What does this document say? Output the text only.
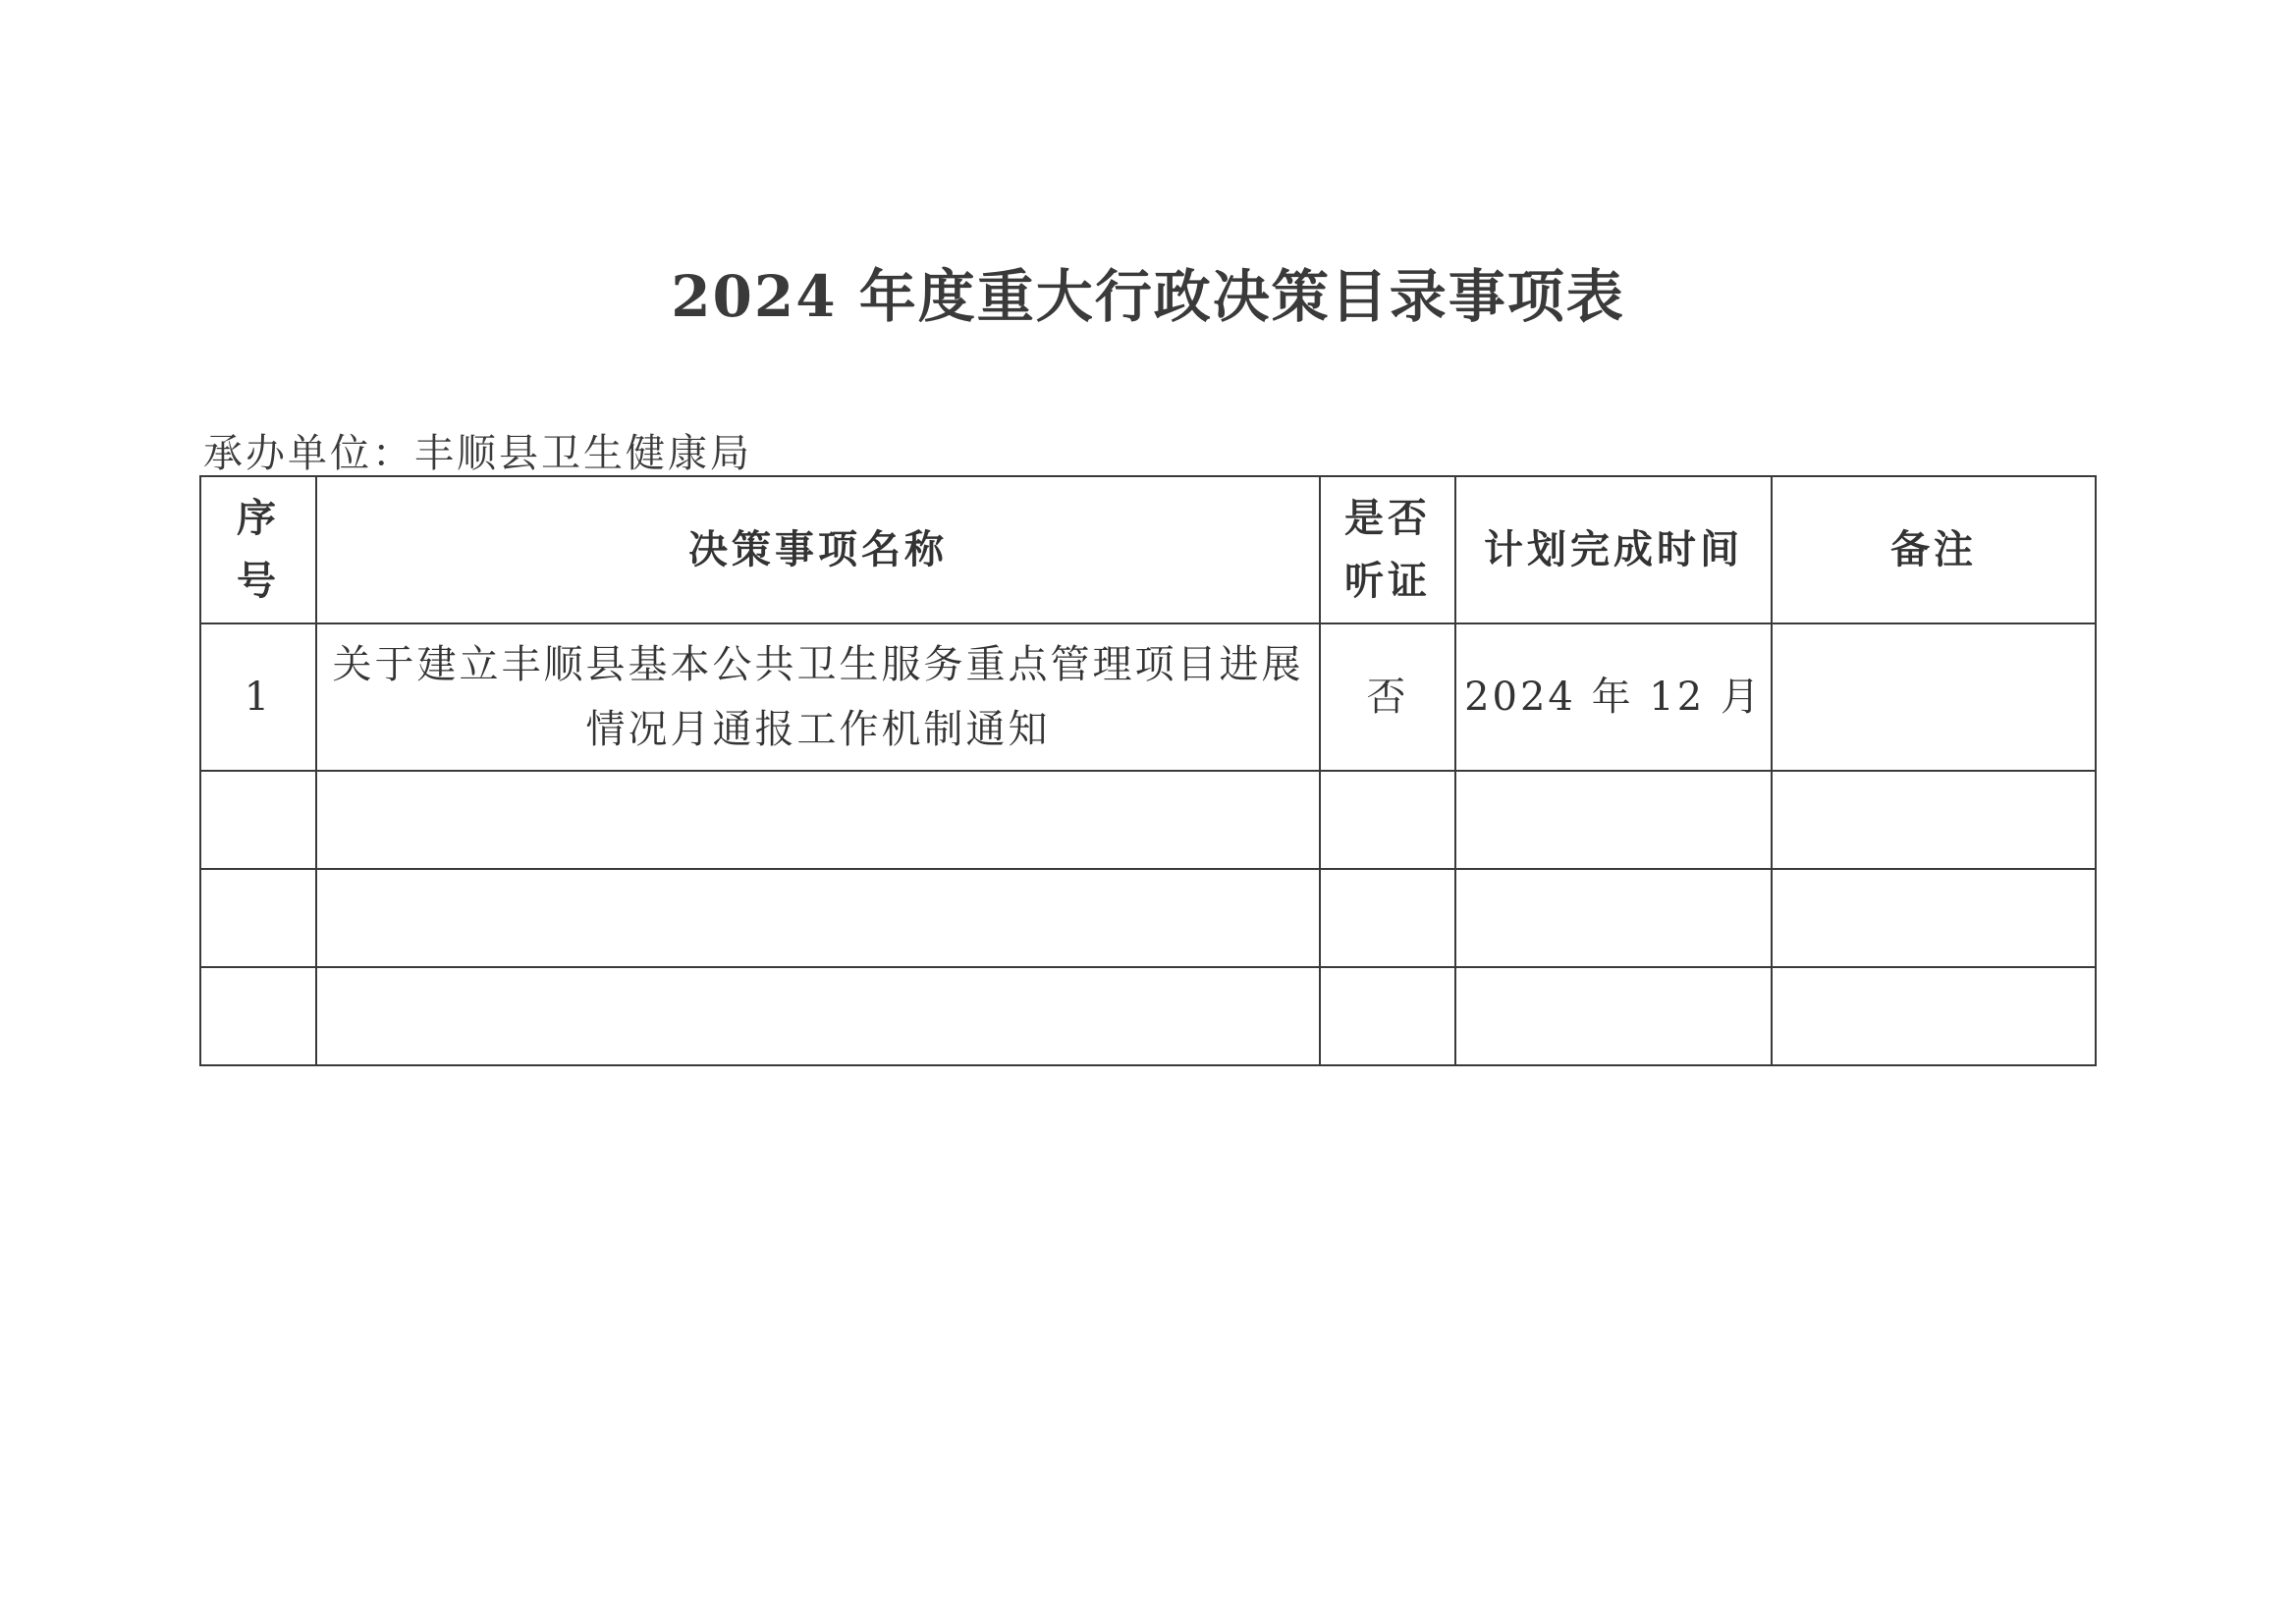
2024 年度重大行政决策目录事项表

承办单位：丰顺县卫生健康局

序号	决策事项名称	是否听证	计划完成时间	备注
1	关于建立丰顺县基本公共卫生服务重点管理项目进展情况月通报工作机制通知	否	2024 年 12 月	
